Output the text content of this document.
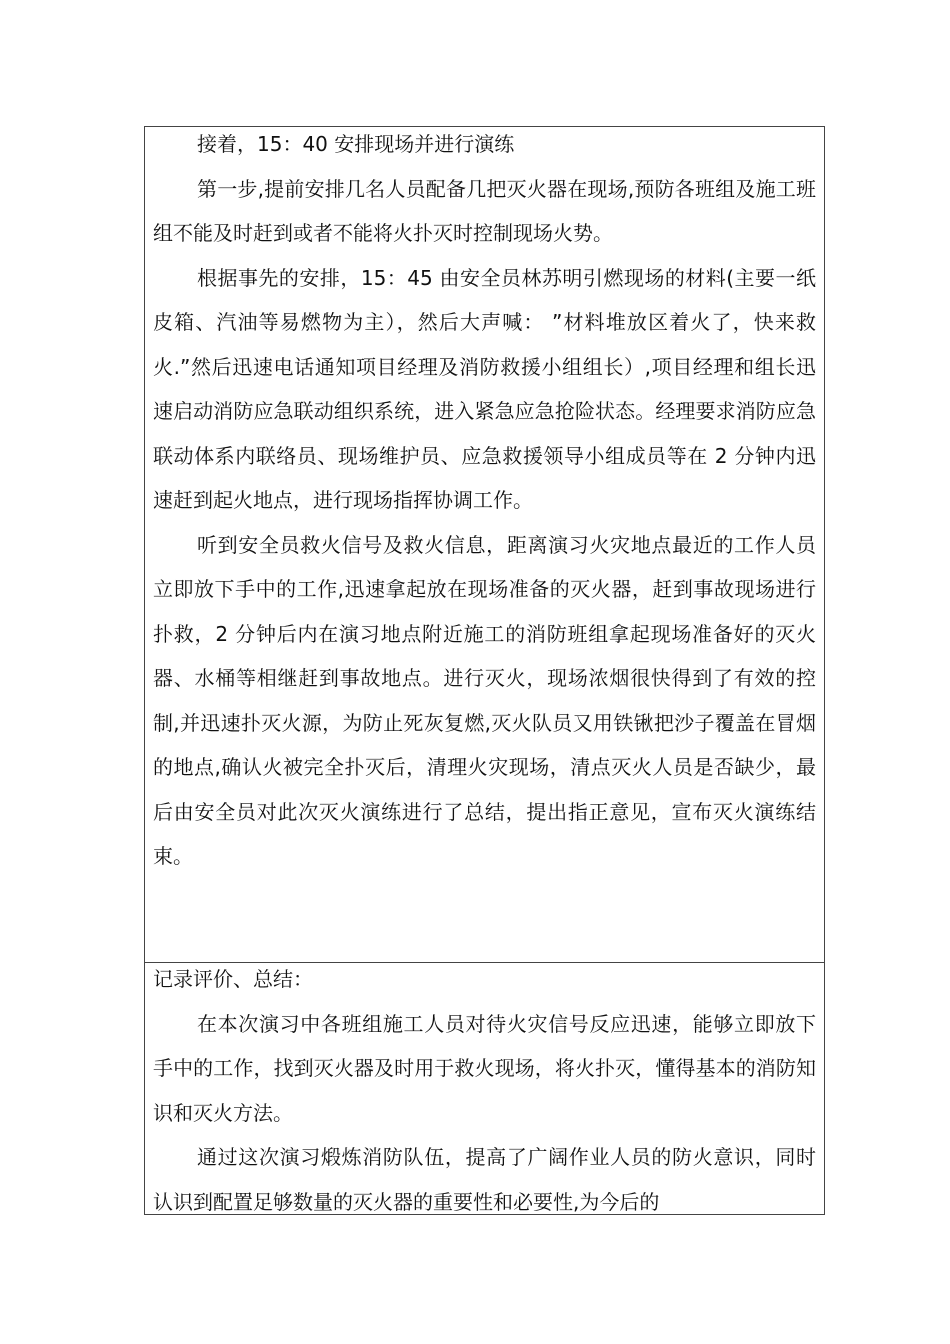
接着，15：40 安排现场并进行演练

第一步,提前安排几名人员配备几把灭火器在现场,预防各班组及施工班组不能及时赶到或者不能将火扑灭时控制现场火势。

根据事先的安排，15：45 由安全员林苏明引燃现场的材料(主要一纸皮箱、汽油等易燃物为主），然后大声喊： ”材料堆放区着火了，快来救火.”然后迅速电话通知项目经理及消防救援小组组长）,项目经理和组长迅速启动消防应急联动组织系统，进入紧急应急抢险状态。经理要求消防应急联动体系内联络员、现场维护员、应急救援领导小组成员等在 2 分钟内迅速赶到起火地点，进行现场指挥协调工作。

听到安全员救火信号及救火信息，距离演习火灾地点最近的工作人员立即放下手中的工作,迅速拿起放在现场准备的灭火器，赶到事故现场进行扑救，2 分钟后内在演习地点附近施工的消防班组拿起现场准备好的灭火器、水桶等相继赶到事故地点。进行灭火，现场浓烟很快得到了有效的控制,并迅速扑灭火源，为防止死灰复燃,灭火队员又用铁锹把沙子覆盖在冒烟的地点,确认火被完全扑灭后，清理火灾现场，清点灭火人员是否缺少，最后由安全员对此次灭火演练进行了总结，提出指正意见，宣布灭火演练结束。

记录评价、总结：

在本次演习中各班组施工人员对待火灾信号反应迅速，能够立即放下手中的工作，找到灭火器及时用于救火现场，将火扑灭，懂得基本的消防知识和灭火方法。

通过这次演习煅炼消防队伍，提高了广阔作业人员的防火意识，同时认识到配置足够数量的灭火器的重要性和必要性,为今后的
